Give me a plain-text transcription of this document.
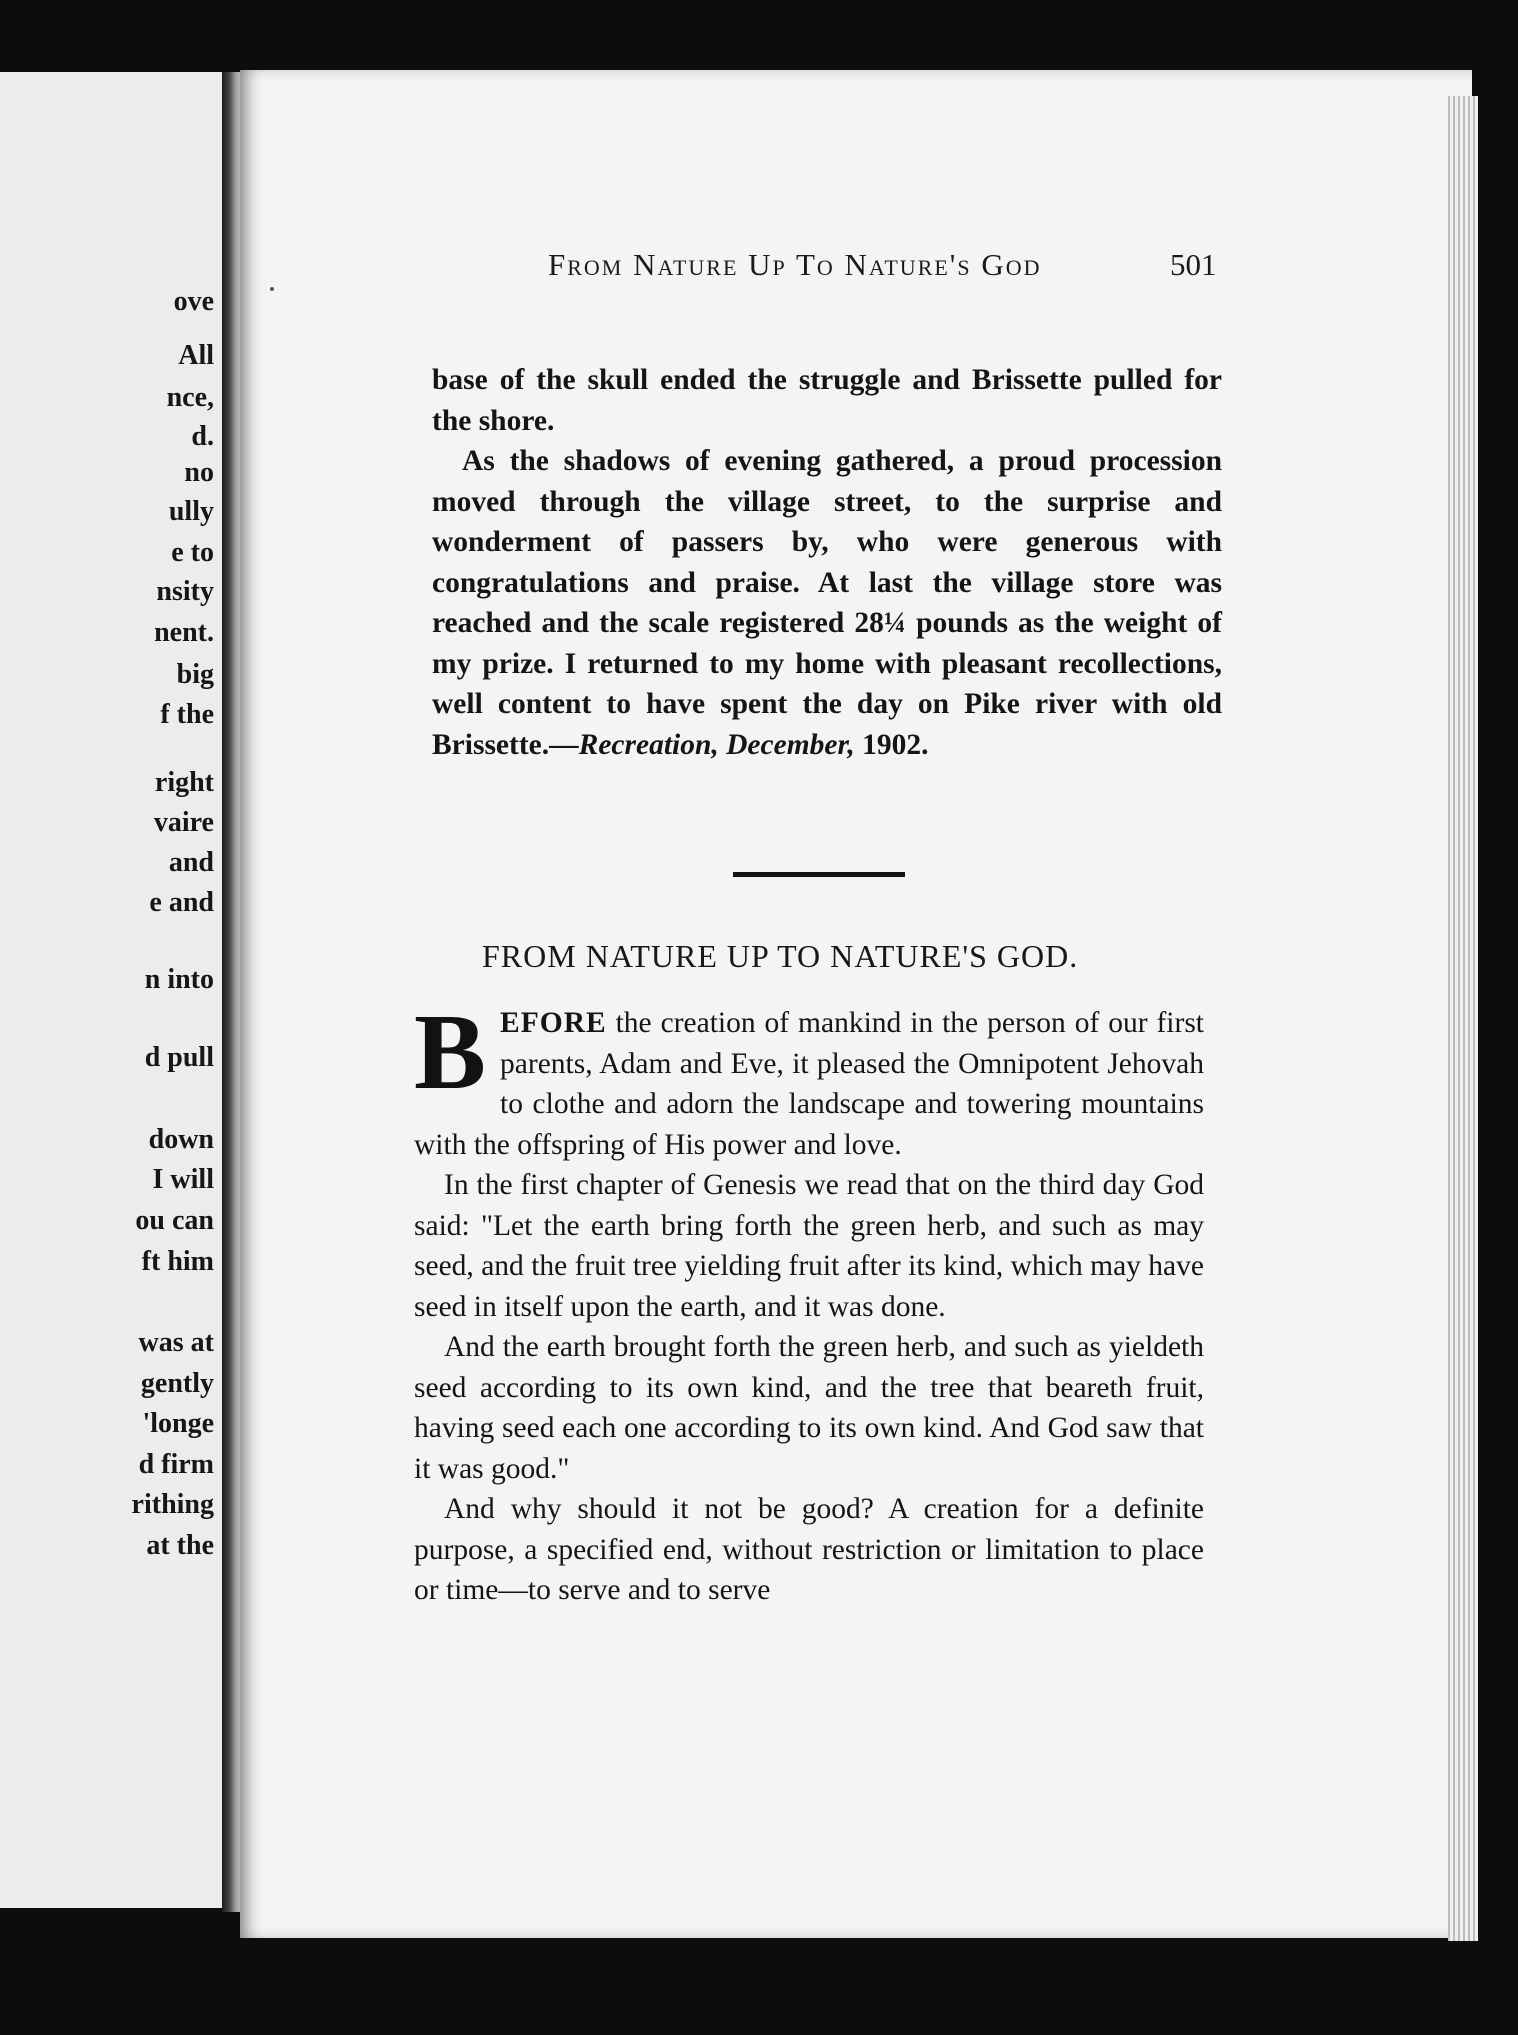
ove
All
nce,
d.
no
ully
e to
nsity
nent.
big
f the
right
vaire
and
e and
n into
d pull
down
I will
ou can
ft him
was at
gently
'longe
d firm
rithing
at the
From Nature Up To Nature's God	501

base of the skull ended the struggle and Brissette pulled for the shore.

As the shadows of evening gathered, a proud procession moved through the village street, to the surprise and wonderment of passers by, who were generous with congratulations and praise. At last the village store was reached and the scale registered 28¼ pounds as the weight of my prize. I returned to my home with pleasant recollections, well content to have spent the day on Pike river with old Brissette.—Recreation, December, 1902.

FROM NATURE UP TO NATURE'S GOD.

BEFORE the creation of mankind in the person of our first parents, Adam and Eve, it pleased the Omnipotent Jehovah to clothe and adorn the landscape and towering mountains with the offspring of His power and love.

In the first chapter of Genesis we read that on the third day God said: "Let the earth bring forth the green herb, and such as may seed, and the fruit tree yielding fruit after its kind, which may have seed in itself upon the earth, and it was done.

And the earth brought forth the green herb, and such as yieldeth seed according to its own kind, and the tree that beareth fruit, having seed each one according to its own kind. And God saw that it was good."

And why should it not be good? A creation for a definite purpose, a specified end, without restriction or limitation to place or time—to serve and to serve
